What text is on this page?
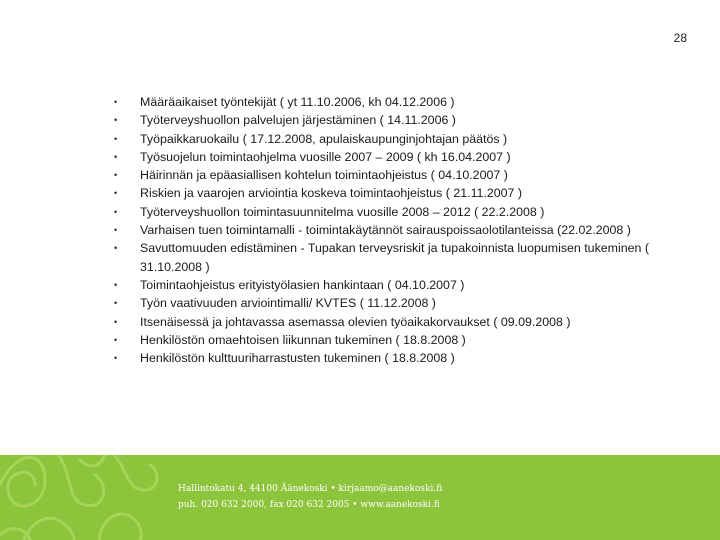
28
•	Määräaikaiset työntekijät ( yt 11.10.2006, kh 04.12.2006 )
•	Työterveyshuollon palvelujen järjestäminen ( 14.11.2006 )
•	Työpaikkaruokailu ( 17.12.2008, apulaiskaupunginjohtajan päätös )
•	Työsuojelun toimintaohjelma vuosille 2007 – 2009 ( kh 16.04.2007 )
•	Häirinnän ja epäasiallisen kohtelun toimintaohjeistus ( 04.10.2007 )
•	Riskien ja vaarojen arviointia koskeva toimintaohjeistus ( 21.11.2007 )
•	Työterveyshuollon toimintasuunnitelma vuosille 2008 – 2012 ( 22.2.2008 )
•	Varhaisen tuen toimintamalli - toimintakäytännöt sairauspoissaolotilanteissa (22.02.2008 )
•	Savuttomuuden edistäminen - Tupakan terveysriskit ja tupakoinnista luopumisen tukeminen ( 31.10.2008 )
•	Toimintaohjeistus erityistyölasien hankintaan ( 04.10.2007 )
•	Työn vaativuuden arviointimalli/ KVTES ( 11.12.2008 )
•	Itsenäisessä ja johtavassa asemassa olevien työaikakorvaukset ( 09.09.2008 )
•	Henkilöstön omaehtoisen liikunnan tukeminen ( 18.8.2008 )
•	Henkilöstön kulttuuriharrastusten tukeminen ( 18.8.2008 )
Hallintokatu 4, 44100 Äänekoski • kirjaamo@aanekoski.fi
puh. 020 632 2000, fax 020 632 2005 • www.aanekoski.fi
